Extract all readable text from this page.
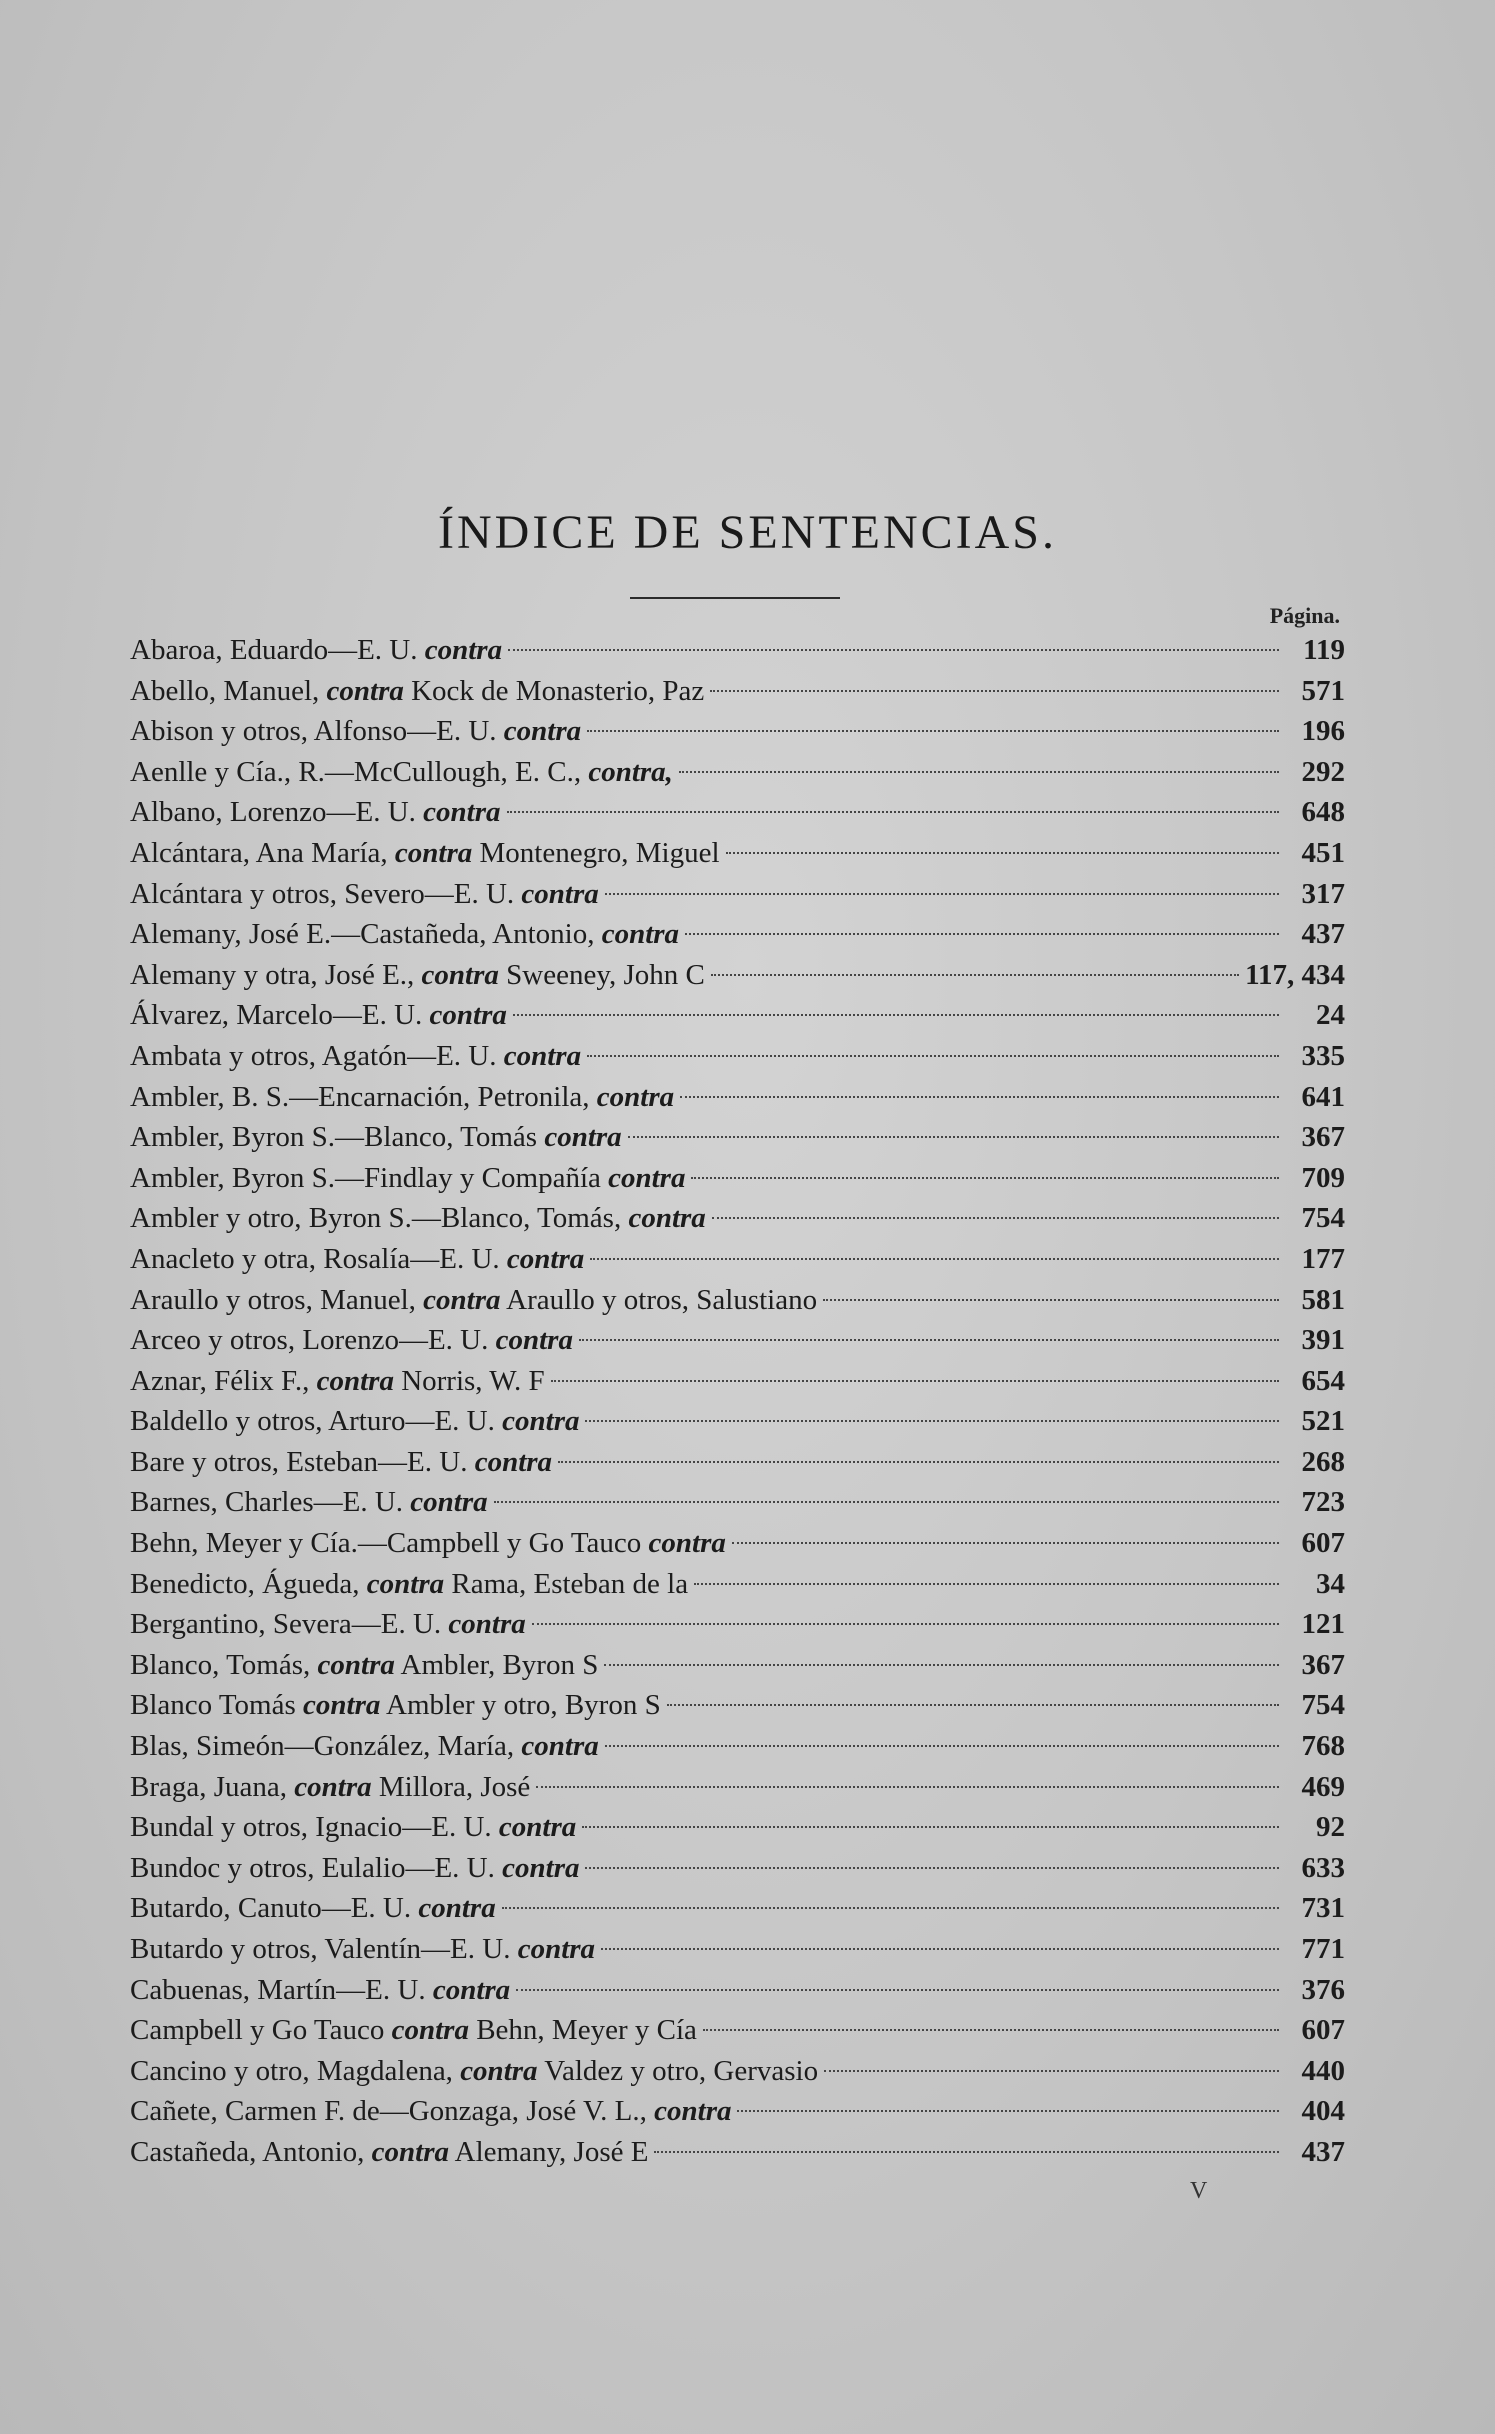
ÍNDICE DE SENTENCIAS.
Página.
Abaroa, Eduardo—E. U. contra	119
Abello, Manuel, contra Kock de Monasterio, Paz	571
Abison y otros, Alfonso—E. U. contra	196
Aenlle y Cía., R.—McCullough, E. C., contra,	292
Albano, Lorenzo—E. U. contra	648
Alcántara, Ana María, contra Montenegro, Miguel	451
Alcántara y otros, Severo—E. U. contra	317
Alemany, José E.—Castañeda, Antonio, contra	437
Alemany y otra, José E., contra Sweeney, John C	117, 434
Álvarez, Marcelo—E. U. contra	24
Ambata y otros, Agatón—E. U. contra	335
Ambler, B. S.—Encarnación, Petronila, contra	641
Ambler, Byron S.—Blanco, Tomás contra	367
Ambler, Byron S.—Findlay y Compañía contra	709
Ambler y otro, Byron S.—Blanco, Tomás, contra	754
Anacleto y otra, Rosalía—E. U. contra	177
Araullo y otros, Manuel, contra Araullo y otros, Salustiano	581
Arceo y otros, Lorenzo—E. U. contra	391
Aznar, Félix F., contra Norris, W. F	654
Baldello y otros, Arturo—E. U. contra	521
Bare y otros, Esteban—E. U. contra	268
Barnes, Charles—E. U. contra	723
Behn, Meyer y Cía.—Campbell y Go Tauco contra	607
Benedicto, Águeda, contra Rama, Esteban de la	34
Bergantino, Severa—E. U. contra	121
Blanco, Tomás, contra Ambler, Byron S	367
Blanco Tomás contra Ambler y otro, Byron S	754
Blas, Simeón—González, María, contra	768
Braga, Juana, contra Millora, José	469
Bundal y otros, Ignacio—E. U. contra	92
Bundoc y otros, Eulalio—E. U. contra	633
Butardo, Canuto—E. U. contra	731
Butardo y otros, Valentín—E. U. contra	771
Cabuenas, Martín—E. U. contra	376
Campbell y Go Tauco contra Behn, Meyer y Cía	607
Cancino y otro, Magdalena, contra Valdez y otro, Gervasio	440
Cañete, Carmen F. de—Gonzaga, José V. L., contra	404
Castañeda, Antonio, contra Alemany, José E	437
V
